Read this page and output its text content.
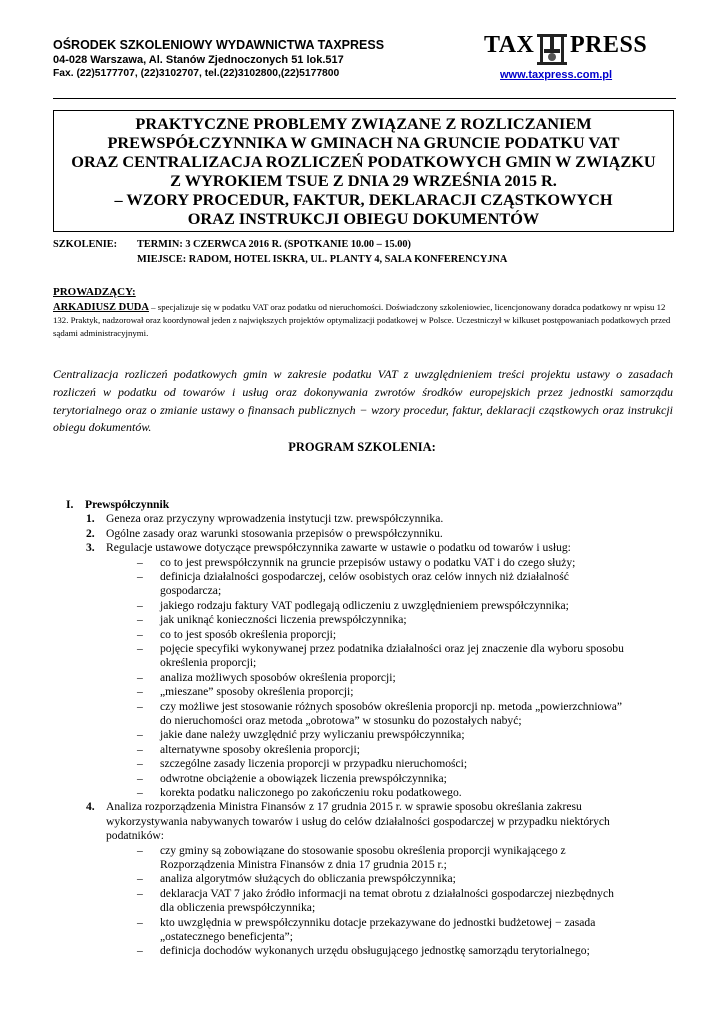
OŚRODEK SZKOLENIOWY WYDAWNICTWA TAXPRESS
04-028 Warszawa, Al. Stanów Zjednoczonych 51 lok.517
Fax. (22)5177707, (22)3102707, tel.(22)3102800,(22)5177800
TAX PRESS
www.taxpress.com.pl
PRAKTYCZNE PROBLEMY ZWIĄZANE Z ROZLICZANIEM
PREWSPÓŁCZYNNIKA W GMINACH NA GRUNCIE PODATKU VAT
ORAZ CENTRALIZACJA ROZLICZEŃ PODATKOWYCH GMIN W ZWIĄZKU
Z WYROKIEM TSUE Z DNIA 29 WRZEŚNIA 2015 R.
– WZORY PROCEDUR, FAKTUR, DEKLARACJI CZĄSTKOWYCH
ORAZ INSTRUKCJI OBIEGU DOKUMENTÓW
SZKOLENIE: TERMIN: 3 CZERWCA 2016 R. (SPOTKANIE 10.00 – 15.00)
MIEJSCE: RADOM, HOTEL ISKRA, UL. PLANTY 4, SALA KONFERENCYJNA
PROWADZĄCY:
ARKADIUSZ DUDA – specjalizuje się w podatku VAT oraz podatku od nieruchomości. Doświadczony szkoleniowiec, licencjonowany doradca podatkowy nr wpisu 12 132. Praktyk, nadzorował oraz koordynował jeden z największych projektów optymalizacji podatkowej w Polsce. Uczestniczył w kilkuset postępowaniach podatkowych przed sądami administracyjnymi.
Centralizacja rozliczeń podatkowych gmin w zakresie podatku VAT z uwzględnieniem treści projektu ustawy o zasadach rozliczeń w podatku od towarów i usług oraz dokonywania zwrotów środków europejskich przez jednostki samorządu terytorialnego oraz o zmianie ustawy o finansach publicznych − wzory procedur, faktur, deklaracji cząstkowych oraz instrukcji obiegu dokumentów.
PROGRAM SZKOLENIA:
I. Prewspółczynnik
1. Geneza oraz przyczyny wprowadzenia instytucji tzw. prewspółczynnika.
2. Ogólne zasady oraz warunki stosowania przepisów o prewspółczynniku.
3. Regulacje ustawowe dotyczące prewspółczynnika zawarte w ustawie o podatku od towarów i usług:
– co to jest prewspółczynnik na gruncie przepisów ustawy o podatku VAT i do czego służy;
– definicja działalności gospodarczej, celów osobistych oraz celów innych niż działalność
gospodarcza;
– jakiego rodzaju faktury VAT podlegają odliczeniu z uwzględnieniem prewspółczynnika;
– jak uniknąć konieczności liczenia prewspółczynnika;
– co to jest sposób określenia proporcji;
– pojęcie specyfiki wykonywanej przez podatnika działalności oraz jej znaczenie dla wyboru sposobu
określenia proporcji;
– analiza możliwych sposobów określenia proporcji;
– „mieszane” sposoby określenia proporcji;
– czy możliwe jest stosowanie różnych sposobów określenia proporcji np. metoda „powierzchniowa”
do nieruchomości oraz metoda „obrotowa” w stosunku do pozostałych nabyć;
– jakie dane należy uwzględnić przy wyliczaniu prewspółczynnika;
– alternatywne sposoby określenia proporcji;
– szczególne zasady liczenia proporcji w przypadku nieruchomości;
– odwrotne obciążenie a obowiązek liczenia prewspółczynnika;
– korekta podatku naliczonego po zakończeniu roku podatkowego.
4. Analiza rozporządzenia Ministra Finansów z 17 grudnia 2015 r. w sprawie sposobu określania zakresu
wykorzystywania nabywanych towarów i usług do celów działalności gospodarczej w przypadku niektórych
podatników:
– czy gminy są zobowiązane do stosowanie sposobu określenia proporcji wynikającego z
Rozporządzenia Ministra Finansów z dnia 17 grudnia 2015 r.;
– analiza algorytmów służących do obliczania prewspółczynnika;
– deklaracja VAT 7 jako źródło informacji na temat obrotu z działalności gospodarczej niezbędnych
dla obliczenia prewspółczynnika;
– kto uwzględnia w prewspółczynniku dotacje przekazywane do jednostki budżetowej − zasada
„ostatecznego beneficjenta”;
– definicja dochodów wykonanych urzędu obsługującego jednostkę samorządu terytorialnego;
